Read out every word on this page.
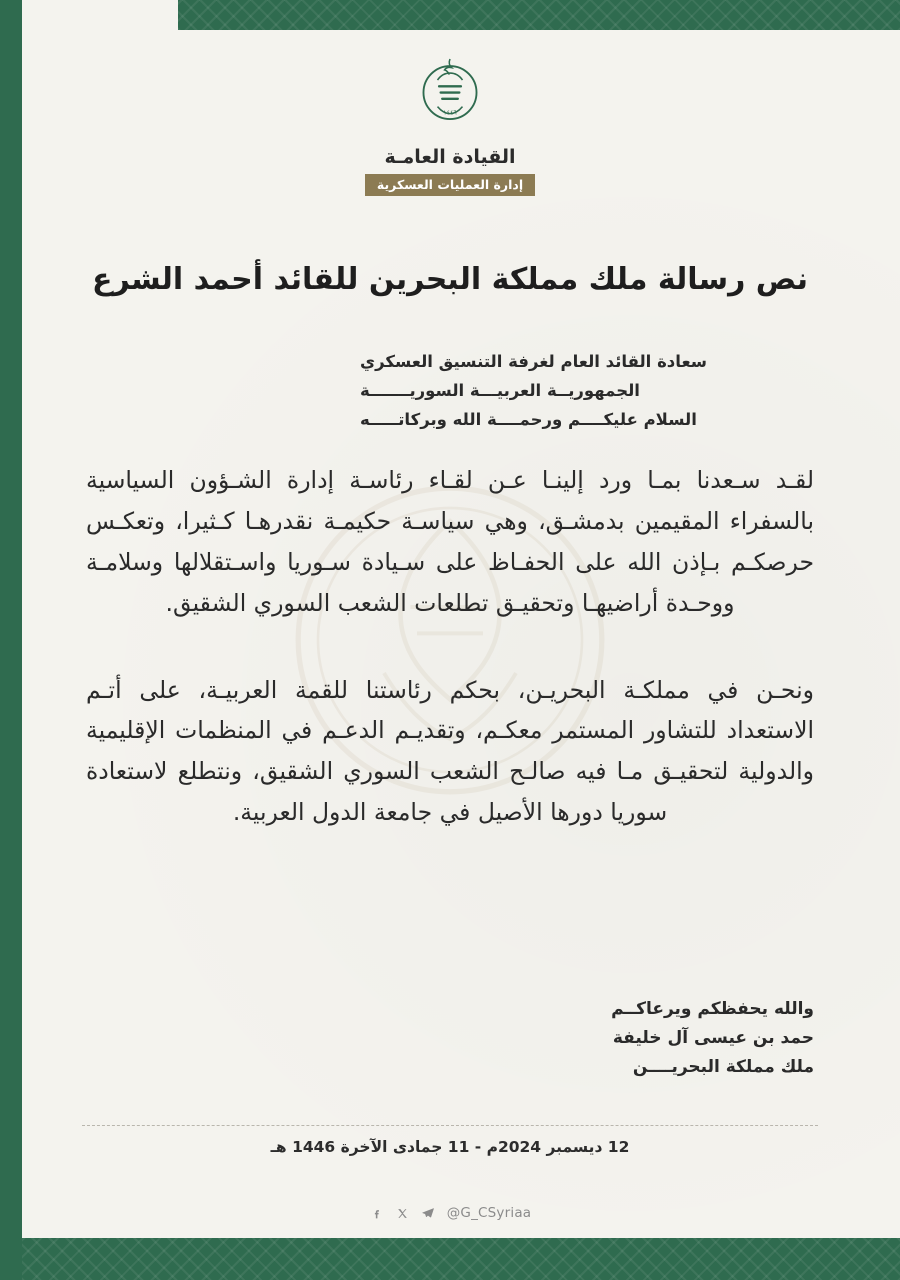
١٤٤٦
القيادة العامـة
إدارة العمليات العسكرية
نص رسالة ملك مملكة البحرين للقائد أحمد الشرع
سعادة القائد العام لغرفة التنسيق العسكري
الجمهوريــة العربيـــة السوريـــــــة
السلام عليكــــم ورحمــــة الله وبركاتـــــه

لقـد سـعدنا بمـا ورد إلينـا عـن لقـاء رئاسـة إدارة الشـؤون السياسية بالسفراء المقيمين بدمشـق، وهي سياسـة حكيمـة نقدرهـا كـثيرا، وتعكـس حرصكـم بـإذن الله على الحفـاظ على سـيادة سـوريا واسـتقلالها وسلامـة ووحـدة أراضيهـا وتحقيـق تطلعات الشعب السوري الشقيق.

ونحـن في مملكـة البحريـن، بحكم رئاستنا للقمة العربيـة، على أتـم الاستعداد للتشاور المستمر معكـم، وتقديـم الدعـم في المنظمات الإقليمية والدولية لتحقيـق مـا فيه صالـح الشعب السوري الشقيق، ونتطلع لاستعادة سوريا دورها الأصيل في جامعة الدول العربية.

والله يحفظكم ويرعاكــم
حمد بن عيسى آل خليفة
ملك مملكة البحريــــن
12 ديسمبر 2024م - 11 جمادى الآخرة 1446 هـ
@G_CSyriaa
